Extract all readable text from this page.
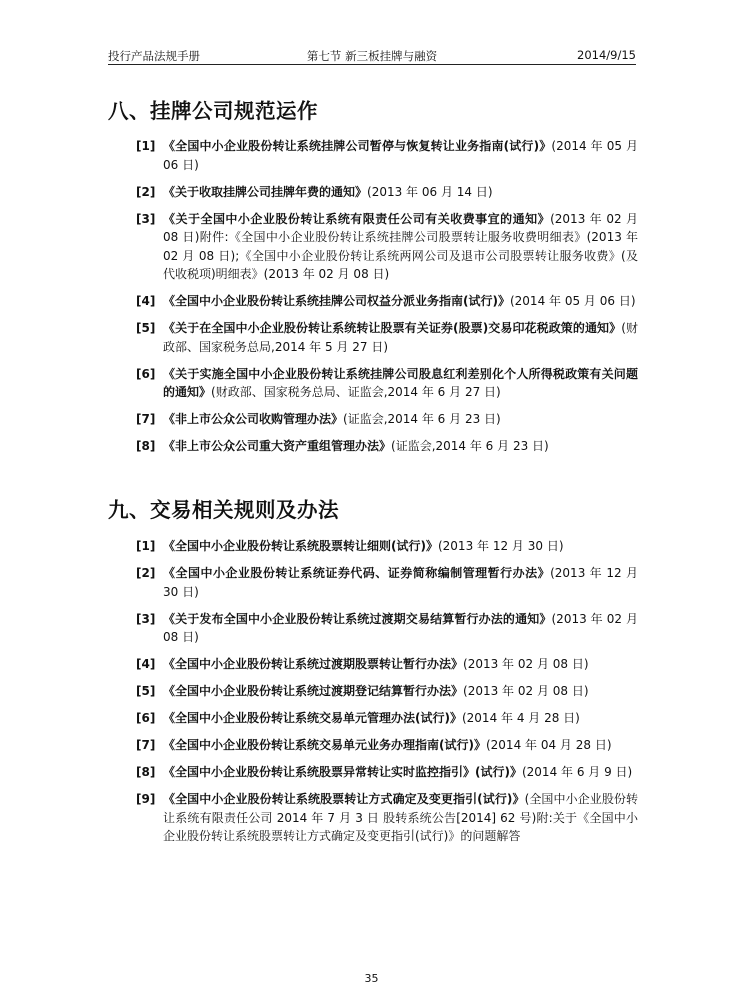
投行产品法规手册	第七节 新三板挂牌与融资	2014/9/15
八、挂牌公司规范运作
[1] 《全国中小企业股份转让系统挂牌公司暂停与恢复转让业务指南(试行)》(2014 年 05 月 06 日)
[2] 《关于收取挂牌公司挂牌年费的通知》(2013 年 06 月 14 日)
[3] 《关于全国中小企业股份转让系统有限责任公司有关收费事宜的通知》(2013 年 02 月 08 日)附件:《全国中小企业股份转让系统挂牌公司股票转让服务收费明细表》(2013 年 02 月 08 日);《全国中小企业股份转让系统两网公司及退市公司股票转让服务收费》(及代收税项)明细表》(2013 年 02 月 08 日)
[4] 《全国中小企业股份转让系统挂牌公司权益分派业务指南(试行)》(2014 年 05 月 06 日)
[5] 《关于在全国中小企业股份转让系统转让股票有关证券(股票)交易印花税政策的通知》(财政部、国家税务总局,2014 年 5 月 27 日)
[6] 《关于实施全国中小企业股份转让系统挂牌公司股息红利差别化个人所得税政策有关问题的通知》(财政部、国家税务总局、证监会,2014 年 6 月 27 日)
[7] 《非上市公众公司收购管理办法》(证监会,2014 年 6 月 23 日)
[8] 《非上市公众公司重大资产重组管理办法》(证监会,2014 年 6 月 23 日)
九、交易相关规则及办法
[1] 《全国中小企业股份转让系统股票转让细则(试行)》(2013 年 12 月 30 日)
[2] 《全国中小企业股份转让系统证券代码、证券简称编制管理暂行办法》(2013 年 12 月 30 日)
[3] 《关于发布全国中小企业股份转让系统过渡期交易结算暂行办法的通知》(2013 年 02 月 08 日)
[4] 《全国中小企业股份转让系统过渡期股票转让暂行办法》(2013 年 02 月 08 日)
[5] 《全国中小企业股份转让系统过渡期登记结算暂行办法》(2013 年 02 月 08 日)
[6] 《全国中小企业股份转让系统交易单元管理办法(试行)》(2014 年 4 月 28 日)
[7] 《全国中小企业股份转让系统交易单元业务办理指南(试行)》(2014 年 04 月 28 日)
[8] 《全国中小企业股份转让系统股票异常转让实时监控指引》(试行)》(2014 年 6 月 9 日)
[9] 《全国中小企业股份转让系统股票转让方式确定及变更指引(试行)》(全国中小企业股份转让系统有限责任公司 2014 年 7 月 3 日 股转系统公告[2014] 62 号)附:关于《全国中小企业股份转让系统股票转让方式确定及变更指引(试行)》的问题解答
35
